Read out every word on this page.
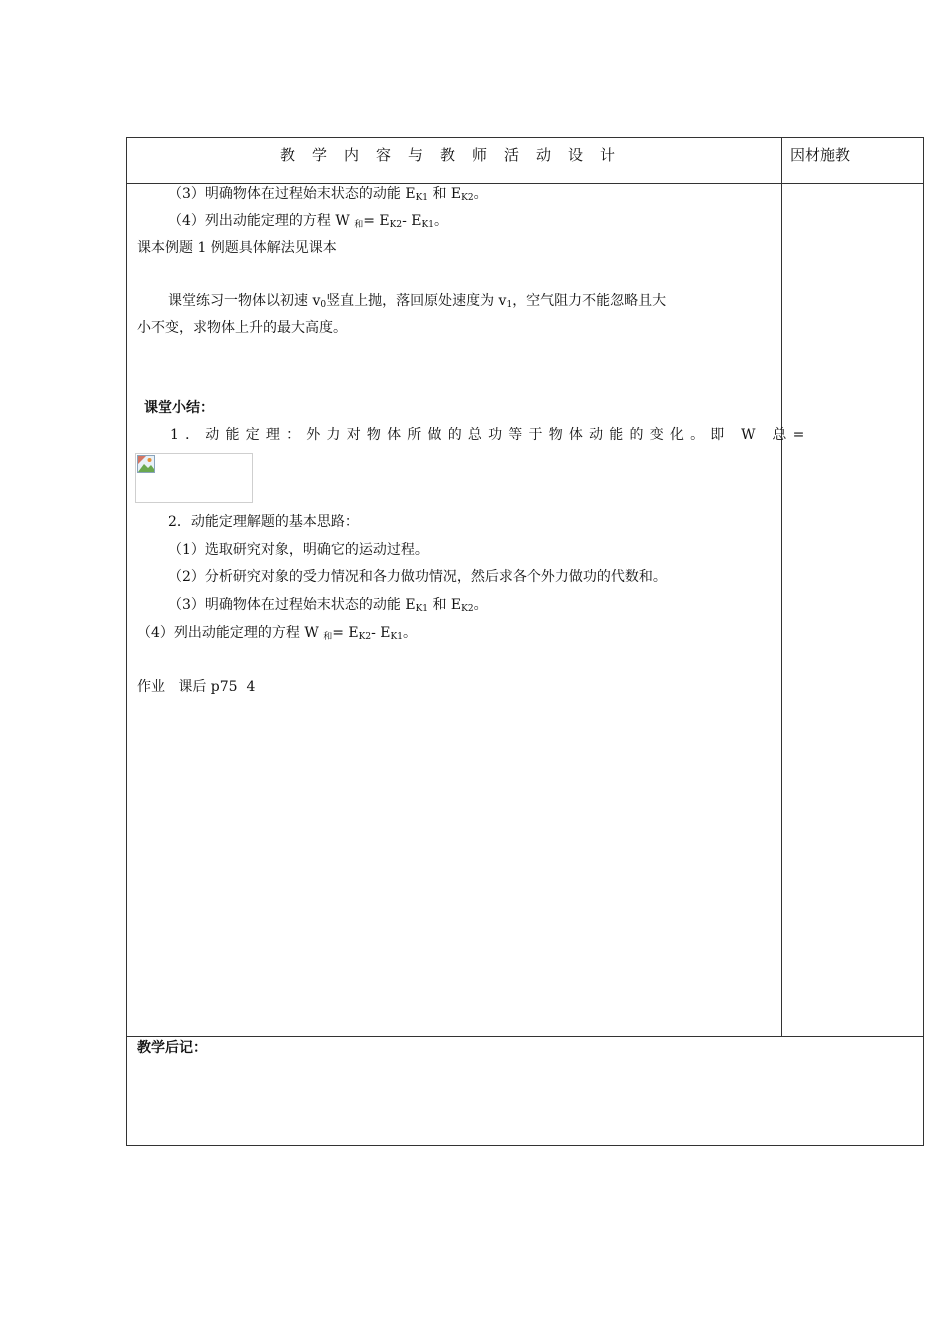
教学内容与教师活动设计	因材施教
（3）明确物体在过程始末状态的动能 $E_{K1}$ 和 $E_{K2}$。
（4）列出动能定理的方程 W $_和= E_{K2}-$ $E_{K1}$。
课本例题 1 例题具体解法见课本
课堂练习一物体以初速 $v_0$竖直上抛，落回原处速度为 $v_1$，空气阻力不能忽略且大
小不变，求物体上升的最大高度。
课堂小结：
1．动能定理：外力对物体所做的总功等于物体动能的变化。即 W 总=
2．动能定理解题的基本思路：
（1）选取研究对象，明确它的运动过程。
（2）分析研究对象的受力情况和各力做功情况，然后求各个外力做功的代数和。
（3）明确物体在过程始末状态的动能 $E_{K1}$ 和 $E_{K2}$。
（4）列出动能定理的方程 W $_和= E_{K2}-$ $E_{K1}$。
作业   课后 p75  4
教学后记：
